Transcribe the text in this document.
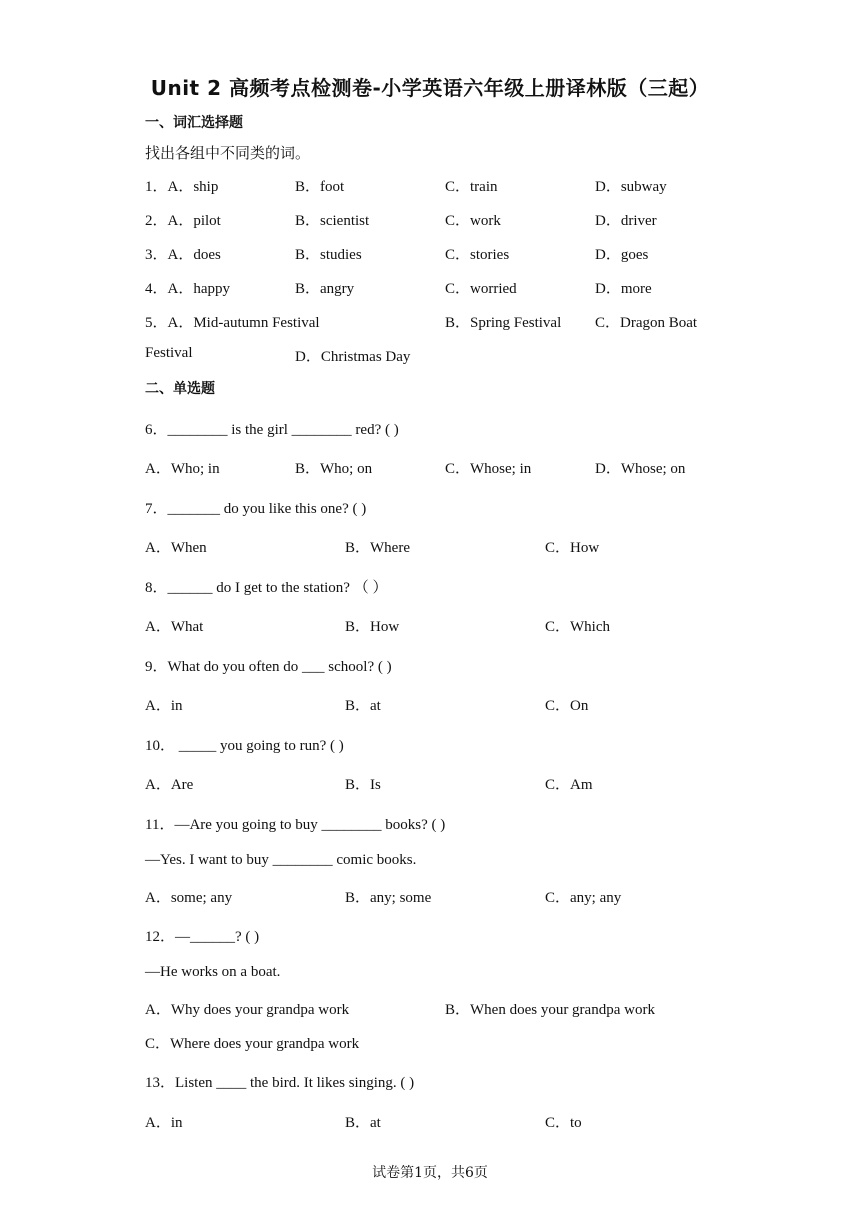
Unit 2 高频考点检测卷-小学英语六年级上册译林版（三起）
一、词汇选择题
找出各组中不同类的词。
1．A．ship	B．foot	C．train	D．subway
2．A．pilot	B．scientist	C．work	D．driver
3．A．does	B．studies	C．stories	D．goes
4．A．happy	B．angry	C．worried	D．more
5．A．Mid-autumn Festival	B．Spring Festival C．Dragon Boat
Festival	D．Christmas Day
二、单选题
6．________ is the girl ________ red? ( )
A．Who; in	B．Who; on	C．Whose; in	D．Whose; on
7．_______ do you like this one? ( )
A．When	B．Where	C．How
8．______ do I get to the station? （ ）
A．What	B．How	C．Which
9．What do you often do ___ school? ( )
A．in	B．at	C．On
10． _____ you going to run? ( )
A．Are	B．Is	C．Am
11．—Are you going to buy ________ books? ( )
—Yes. I want to buy ________ comic books.
A．some; any	B．any; some	C．any; any
12．—______? ( )
—He works on a boat.
A．Why does your grandpa work	B．When does your grandpa work
C．Where does your grandpa work
13．Listen ____ the bird. It likes singing. ( )
A．in	B．at	C．to
试卷第1页，共6页
